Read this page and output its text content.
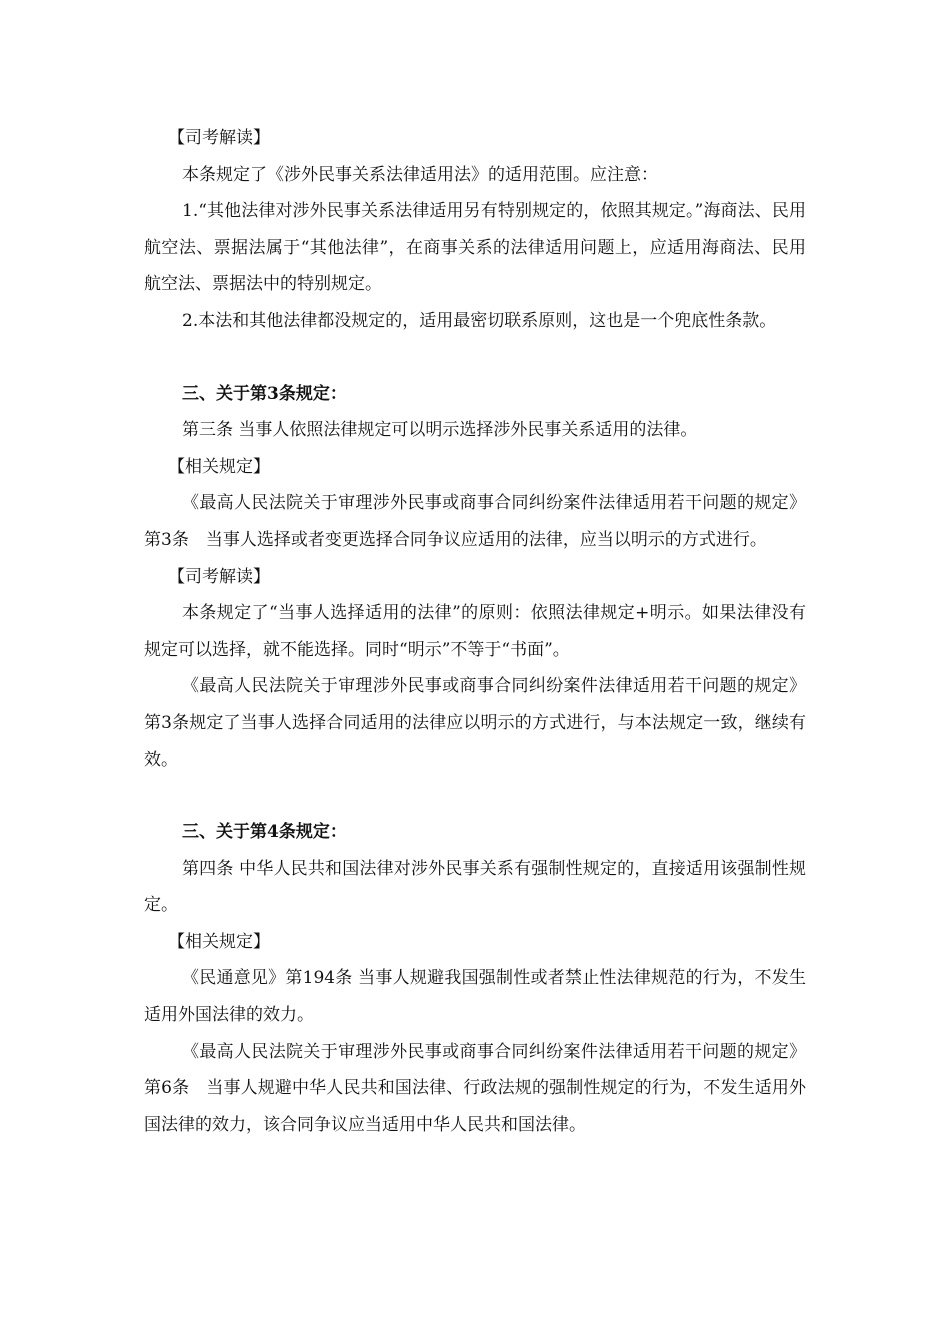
【司考解读】

本条规定了《涉外民事关系法律适用法》的适用范围。应注意：

1.“其他法律对涉外民事关系法律适用另有特别规定的，依照其规定。”海商法、民用航空法、票据法属于“其他法律”，在商事关系的法律适用问题上，应适用海商法、民用航空法、票据法中的特别规定。

2.本法和其他法律都没规定的，适用最密切联系原则，这也是一个兜底性条款。

三、关于第3条规定：

第三条 当事人依照法律规定可以明示选择涉外民事关系适用的法律。

【相关规定】

《最高人民法院关于审理涉外民事或商事合同纠纷案件法律适用若干问题的规定》第3条　当事人选择或者变更选择合同争议应适用的法律，应当以明示的方式进行。

【司考解读】

本条规定了“当事人选择适用的法律”的原则：依照法律规定+明示。如果法律没有规定可以选择，就不能选择。同时“明示”不等于“书面”。

《最高人民法院关于审理涉外民事或商事合同纠纷案件法律适用若干问题的规定》第3条规定了当事人选择合同适用的法律应以明示的方式进行，与本法规定一致，继续有效。

三、关于第4条规定：

第四条 中华人民共和国法律对涉外民事关系有强制性规定的，直接适用该强制性规定。

【相关规定】

《民通意见》第194条 当事人规避我国强制性或者禁止性法律规范的行为，不发生适用外国法律的效力。

《最高人民法院关于审理涉外民事或商事合同纠纷案件法律适用若干问题的规定》第6条　当事人规避中华人民共和国法律、行政法规的强制性规定的行为，不发生适用外国法律的效力，该合同争议应当适用中华人民共和国法律。
